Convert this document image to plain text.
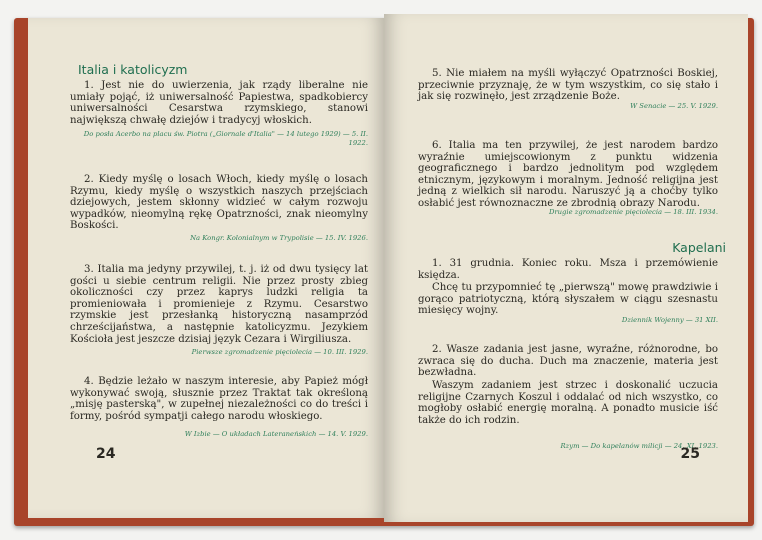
Italia i katolicyzm

1. Jest nie do uwierzenia, jak rządy liberalne nie umiały pojąć, iż uniwersalność Papiestwa, spadkobiercy uniwersalności Cesarstwa rzymskiego, stanowi największą chwałę dziejów i tradycyj włoskich.

Do posła Acerbo na placu św. Piotra („Giornale d'Italia" — 14 lutego 1929) — 5. II. 1922.

2. Kiedy myślę o losach Włoch, kiedy myślę o losach Rzymu, kiedy myślę o wszystkich naszych przejściach dziejowych, jestem skłonny widzieć w całym rozwoju wypadków, nieomylną rękę Opatrzności, znak nieomylny Boskości.

Na Kongr. Kolonialnym w Trypolisie — 15. IV. 1926.

3. Italia ma jedyny przywilej, t. j. iż od dwu tysięcy lat gości u siebie centrum religii. Nie przez prosty zbieg okoliczności czy przez kaprys ludzki religia ta promieniowała i promienieje z Rzymu. Cesarstwo rzymskie jest przesłanką historyczną nasamprzód chrześcijaństwa, a następnie katolicyzmu. Jezykiem Kościoła jest jeszcze dzisiaj język Cezara i Wirgiliusza.

Pierwsze zgromadzenie pięciolecia — 10. III. 1929.

4. Będzie leżało w naszym interesie, aby Papież mógł wykonywać swoją, słusznie przez Traktat tak określoną „misję pasterską", w zupełnej niezależności co do treści i formy, pośród sympatji całego narodu włoskiego.

W Izbie — O układach Lateraneńskich — 14. V. 1929.

24

5. Nie miałem na myśli wyłączyć Opatrzności Boskiej, przeciwnie przyznaję, że w tym wszystkim, co się stało i jak się rozwinęło, jest zrządzenie Boże.

W Senacie — 25. V. 1929.

6. Italia ma ten przywilej, że jest narodem bardzo wyraźnie umiejscowionym z punktu widzenia geograficznego i bardzo jednolitym pod względem etnicznym, językowym i moralnym. Jedność religijna jest jedną z wielkich sił narodu. Naruszyć ją a choćby tylko osłabić jest równoznaczne ze zbrodnią obrazy Narodu.

Drugie zgromadzenie pięciolecia — 18. III. 1934.

Kapelani

1. 31 grudnia. Koniec roku. Msza i przemówienie księdza.

Chcę tu przypomnieć tę „pierwszą" mowę prawdziwie i gorąco patriotyczną, którą słyszałem w ciągu szesnastu miesięcy wojny.

Dziennik Wojenny — 31 XII.

2. Wasze zadania jest jasne, wyraźne, różnorodne, bo zwraca się do ducha. Duch ma znaczenie, materia jest bezwładna.

Waszym zadaniem jest strzec i doskonalić uczucia religijne Czarnych Koszul i oddalać od nich wszystko, co mogłoby osłabić energię moralną. A ponadto musicie iść także do ich rodzin.

Rzym — Do kapelanów milicji — 24. XI. 1923.

25
